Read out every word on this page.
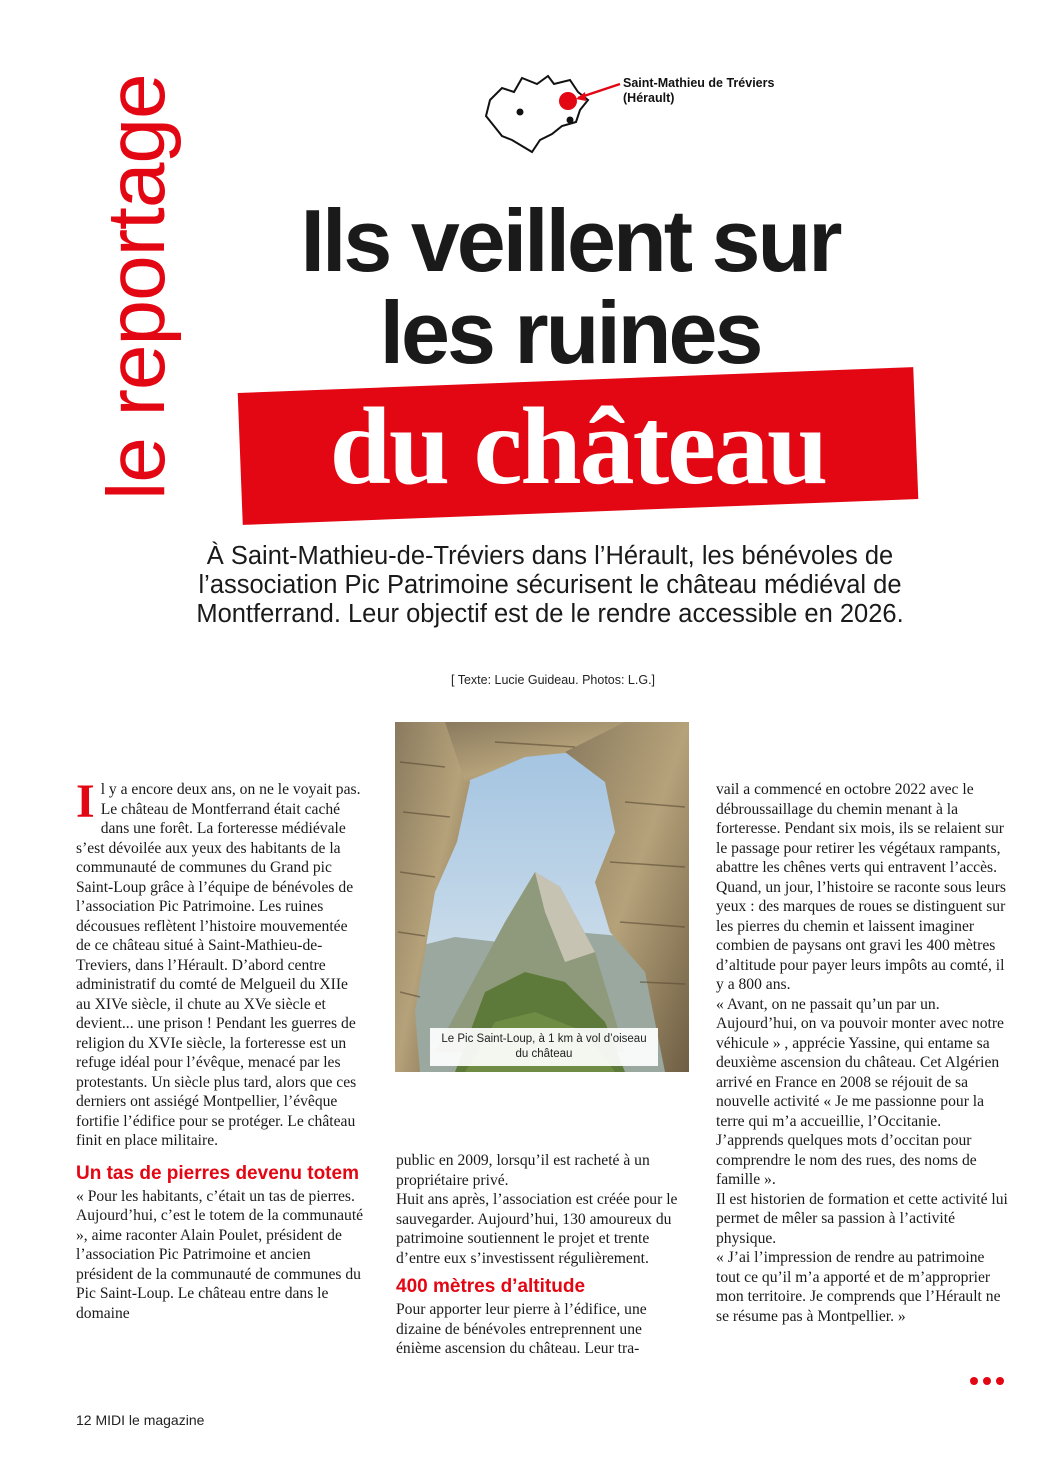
le reportage	Saint-Mathieu de Tréviers
(Hérault)
Ils veillent sur
les ruines
du château
À Saint-Mathieu-de-Tréviers dans l’Hérault, les bénévoles de l’association Pic Patrimoine sécurisent le château médiéval de Montferrand. Leur objectif est de le rendre accessible en 2026.
[ Texte: Lucie Guideau. Photos: L.G.]
Le Pic Saint-Loup, à 1 km à vol d’oiseau du château

Il y a encore deux ans, on ne le voyait pas. Le château de Montferrand était caché dans une forêt. La forteresse médiévale s’est dévoilée aux yeux des habitants de la communauté de communes du Grand pic Saint-Loup grâce à l’équipe de bénévoles de l’association Pic Patrimoine. Les ruines décousues reflètent l’histoire mouvementée de ce château situé à Saint-Mathieu-de-Treviers, dans l’Hérault. D’abord centre administratif du comté de Melgueil du XIIe au XIVe siècle, il chute au XVe siècle et devient... une prison ! Pendant les guerres de religion du XVIe siècle, la forteresse est un refuge idéal pour l’évêque, menacé par les protestants. Un siècle plus tard, alors que ces derniers ont assiégé Montpellier, l’évêque fortifie l’édifice pour se protéger. Le château finit en place militaire.

Un tas de pierres devenu totem

« Pour les habitants, c’était un tas de pierres. Aujourd’hui, c’est le totem de la communauté », aime raconter Alain Poulet, président de l’association Pic Patrimoine et ancien président de la communauté de communes du Pic Saint-Loup. Le château entre dans le domaine

public en 2009, lorsqu’il est racheté à un propriétaire privé.

Huit ans après, l’association est créée pour le sauvegarder. Aujourd’hui, 130 amoureux du patrimoine soutiennent le projet et trente d’entre eux s’investissent régulièrement.

400 mètres d’altitude

Pour apporter leur pierre à l’édifice, une dizaine de bénévoles entreprennent une énième ascension du château. Leur tra-

vail a commencé en octobre 2022 avec le débroussaillage du chemin menant à la forteresse. Pendant six mois, ils se relaient sur le passage pour retirer les végétaux rampants, abattre les chênes verts qui entravent l’accès. Quand, un jour, l’histoire se raconte sous leurs yeux : des marques de roues se distinguent sur les pierres du chemin et laissent imaginer combien de paysans ont gravi les 400 mètres d’altitude pour payer leurs impôts au comté, il y a 800 ans.

« Avant, on ne passait qu’un par un. Aujourd’hui, on va pouvoir monter avec notre véhicule » , apprécie Yassine, qui entame sa deuxième ascension du château. Cet Algérien arrivé en France en 2008 se réjouit de sa nouvelle activité « Je me passionne pour la terre qui m’a accueillie, l’Occitanie. J’apprends quelques mots d’occitan pour comprendre le nom des rues, des noms de famille ».

Il est historien de formation et cette activité lui permet de mêler sa passion à l’activité physique.

« J’ai l’impression de rendre au patrimoine tout ce qu’il m’a apporté et de m’approprier mon territoire. Je comprends que l’Hérault ne se résume pas à Montpellier. »

12 MIDI le magazine
